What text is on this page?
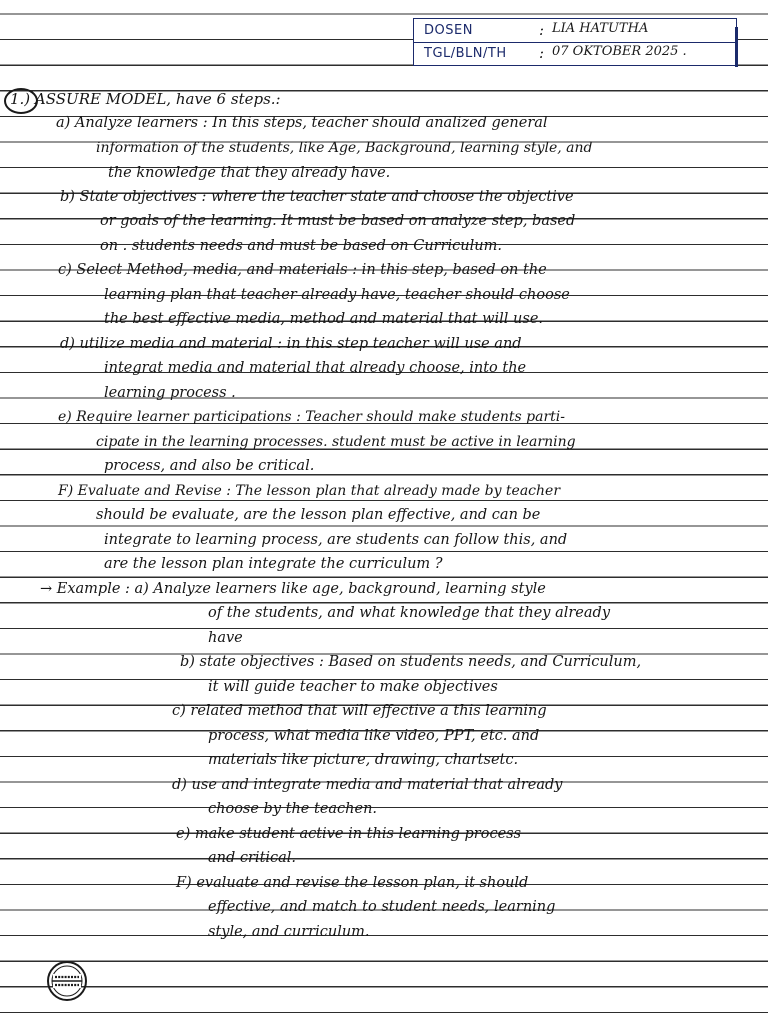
DOSEN	: LIA HATUTHA
TGL/BLN/TH : 07 OKTOBER 2025 .
1.) ASSURE MODEL, have 6 steps.:
a) Analyze learners : In this steps, teacher should analized general
information of the students, like Age, Background, learning style, and
the knowledge that they already have.
b) State objectives : where the teacher state and choose the objective
or goals of the learning. It must be based on analyze step, based
on . students needs and must be based on Curriculum.
c) Select Method, media, and materials : in this step, based on the
learning plan that teacher already have, teacher should choose
the best effective media, method and material that will use.
d) utilize media and material : in this step teacher will use and
integrat media and material that already choose, into the
learning process .
e) Require learner participations : Teacher should make students parti-
cipate in the learning processes. student must be active in learning
process, and also be critical.
F) Evaluate and Revise : The lesson plan that already made by teacher
should be evaluate, are the lesson plan effective, and can be
integrate to learning process, are students can follow this, and
are the lesson plan integrate the curriculum ?
→ Example : a) Analyze learners like age, background, learning style
of the students, and what knowledge that they already
have
b) state objectives : Based on students needs, and Curriculum,
it will guide teacher to make objectives
c) related method that will effective a this learning
process, what media like video, PPT, etc. and
materials like picture, drawing, chartsetc.
d) use and integrate media and material that already
choose by the teachen.
e) make student active in this learning process
and critical.
F) evaluate and revise the lesson plan, it should
effective, and match to student needs, learning
style, and curriculum.
